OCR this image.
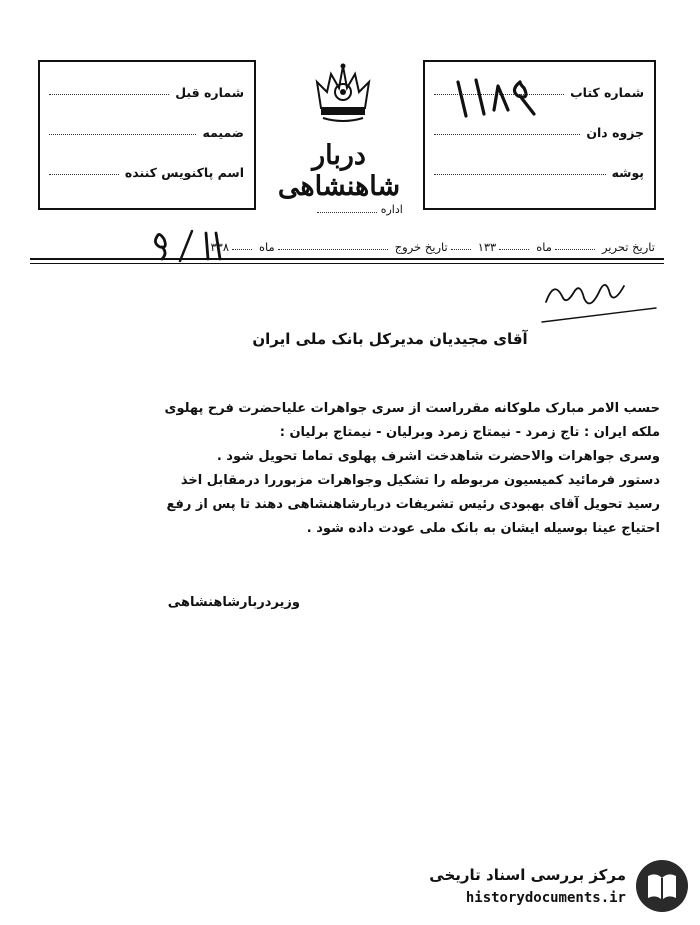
شماره قبل
ضمیمه
اسم پاکنویس کننده
دربار شاهنشاهی
اداره
شماره کتاب
جزوه دان
پوشه
تاریخ تحریر
ماه
۱۳۳
تاریخ خروج
ماه
۱۳۳۸
آقای مجیدیان مدیرکل بانک ملی ایران

حسب الامر مبارک ملوکانه مقرراست از سری جواهرات علیاحضرت فرح پهلوی

ملکه ایران : تاج زمرد - نیمتاج زمرد وبرلیان - نیمتاج برلیان :

وسری جواهرات والاحضرت شاهدخت اشرف پهلوی تماما تحویل شود .

دستور فرمائید کمیسیون مربوطه را تشکیل وجواهرات مزبوررا درمقابل اخذ

رسید تحویل آقای بهبودی رئیس تشریفات دربارشاهنشاهی دهند تا پس از رفع

احتیاج عینا بوسیله ایشان به بانک ملی عودت داده شود .

وزیردربارشاهنشاهی
مرکز بررسی اسناد تاریخی
historydocuments.ir
